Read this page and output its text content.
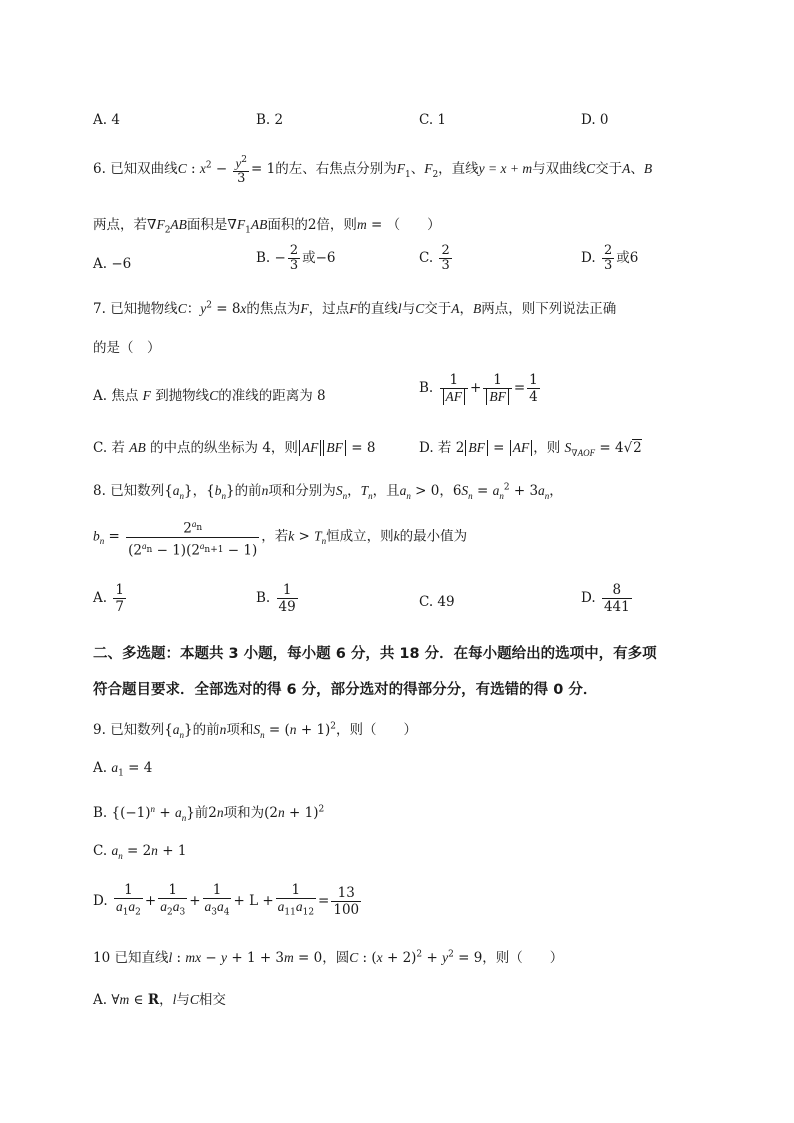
A. 4	B. 2	C. 1	D. 0
6. 已知双曲线C : $x^2 - \frac{y^2}{3} = 1$的左、右焦点分别为$F_1$、$F_2$，直线y = x + m与双曲线C交于A、B
两点，若$\nabla F_2AB$面积是$\nabla F_1AB$面积的2倍，则m = （　　）
A. −6	B. − $\frac{2}{3}$ 或−6	C. $\frac{2}{3}$	D. $\frac{2}{3}$ 或6
7. 已知抛物线C：$y^2 = 8x$的焦点为F，过点F的直线l与C交于A，B两点，则下列说法正确
的是（　）
A. 焦点 F 到抛物线C的准线的距离为 8	B. $\frac{1}{AF} + \frac{1}{BF} = \frac{1}{4}$
C. 若 AB 的中点的纵坐标为 4，则 AF BF = 8	D. 若 2 BF = AF ，则 $S_{\nabla AOF} = 4√2$
8. 已知数列$\{a_n\}$，$\{b_n\}$的前n项和分别为$S_n$，$T_n$，且$a_n > 0$，$6S_n = a_n^2 + 3a_n$，
$b_n = \frac{2^{a_n}}{(2^{a_n} - 1)(2^{a_{n+1}} - 1)}$ ，若$k > T_n$恒成立，则k的最小值为
A. $\frac{1}{7}$	B. $\frac{1}{49}$	C. 49	D. $\frac{8}{441}$
二、多选题：本题共 3 小题，每小题 6 分，共 18 分．在每小题给出的选项中，有多项
符合题目要求．全部选对的得 6 分，部分选对的得部分分，有选错的得 0 分．
9. 已知数列$\{a_n\}$的前n项和$S_n = (n + 1)^2$，则（　　）
A. $a_1 = 4$
B. $\{(-1)^n + a_n\}$前2n项和为$(2n + 1)^2$
C. $a_n = 2n + 1$
D. $\frac{1}{a_1a_2} + \frac{1}{a_2a_3} + \frac{1}{a_3a_4} + L + \frac{1}{a_{11}a_{12}} = \frac{13}{100}$
10 已知直线l : mx − y + 1 + 3m = 0，圆C : $(x + 2)^2 + y^2 = 9$，则（　　）
A. ∀m ∈ R，l与C相交
